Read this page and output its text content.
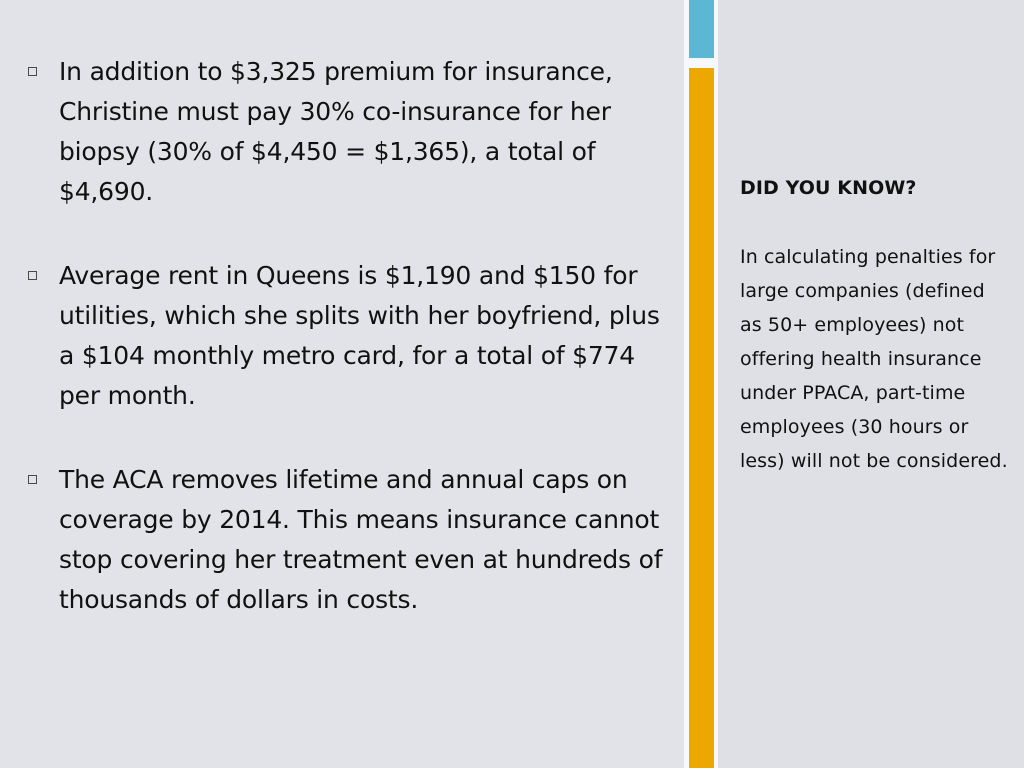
In addition to $3,325 premium for insurance, Christine must pay 30% co-insurance for her biopsy (30% of $4,450 = $1,365), a total of $4,690.
Average rent in Queens is $1,190 and $150 for utilities, which she splits with her boyfriend, plus a $104 monthly metro card, for a total of $774 per month.
The ACA removes lifetime and annual caps on coverage by 2014. This means insurance cannot stop covering her treatment even at hundreds of thousands of dollars in costs.

DID YOU KNOW?

In calculating penalties for large companies (defined as 50+ employees) not offering health insurance under PPACA, part-time employees (30 hours or less) will not be considered.
